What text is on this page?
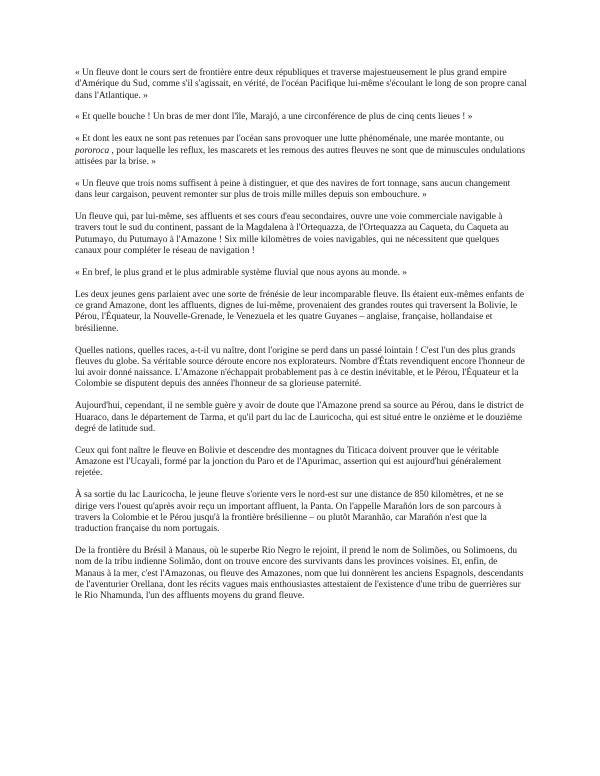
« Un fleuve dont le cours sert de frontière entre deux républiques et traverse majestueusement le plus grand empire d'Amérique du Sud, comme s'il s'agissait, en vérité, de l'océan Pacifique lui-même s'écoulant le long de son propre canal dans l'Atlantique. »

« Et quelle bouche ! Un bras de mer dont l'île, Marajó, a une circonférence de plus de cinq cents lieues ! »

« Et dont les eaux ne sont pas retenues par l'océan sans provoquer une lutte phénoménale, une marée montante, ou pororoca , pour laquelle les reflux, les mascarets et les remous des autres fleuves ne sont que de minuscules ondulations attisées par la brise. »

« Un fleuve que trois noms suffisent à peine à distinguer, et que des navires de fort tonnage, sans aucun changement dans leur cargaison, peuvent remonter sur plus de trois mille milles depuis son embouchure. »

Un fleuve qui, par lui-même, ses affluents et ses cours d'eau secondaires, ouvre une voie commerciale navigable à travers tout le sud du continent, passant de la Magdalena à l'Ortequazza, de l'Ortequazza au Caqueta, du Caqueta au Putumayo, du Putumayo à l'Amazone ! Six mille kilomètres de voies navigables, qui ne nécessitent que quelques canaux pour compléter le réseau de navigation !

« En bref, le plus grand et le plus admirable système fluvial que nous ayons au monde. »

Les deux jeunes gens parlaient avec une sorte de frénésie de leur incomparable fleuve. Ils étaient eux-mêmes enfants de ce grand Amazone, dont les affluents, dignes de lui-même, provenaient des grandes routes qui traversent la Bolivie, le Pérou, l'Équateur, la Nouvelle-Grenade, le Venezuela et les quatre Guyanes – anglaise, française, hollandaise et brésilienne.

Quelles nations, quelles races, a-t-il vu naître, dont l'origine se perd dans un passé lointain ! C'est l'un des plus grands fleuves du globe. Sa véritable source déroute encore nos explorateurs. Nombre d'États revendiquent encore l'honneur de lui avoir donné naissance. L'Amazone n'échappait probablement pas à ce destin inévitable, et le Pérou, l'Équateur et la Colombie se disputent depuis des années l'honneur de sa glorieuse paternité.

Aujourd'hui, cependant, il ne semble guère y avoir de doute que l'Amazone prend sa source au Pérou, dans le district de Huaraco, dans le département de Tarma, et qu'il part du lac de Lauricocha, qui est situé entre le onzième et le douzième degré de latitude sud.

Ceux qui font naître le fleuve en Bolivie et descendre des montagnes du Titicaca doivent prouver que le véritable Amazone est l'Ucayali, formé par la jonction du Paro et de l'Apurimac, assertion qui est aujourd'hui généralement rejetée.

À sa sortie du lac Lauricocha, le jeune fleuve s'oriente vers le nord-est sur une distance de 850 kilomètres, et ne se dirige vers l'ouest qu'après avoir reçu un important affluent, la Panta. On l'appelle Marañón lors de son parcours à travers la Colombie et le Pérou jusqu'à la frontière brésilienne – ou plutôt Maranhão, car Marañón n'est que la traduction française du nom portugais.

De la frontière du Brésil à Manaus, où le superbe Rio Negro le rejoint, il prend le nom de Solimões, ou Solimoens, du nom de la tribu indienne Solimão, dont on trouve encore des survivants dans les provinces voisines. Et, enfin, de Manaus à la mer, c'est l'Amazonas, ou fleuve des Amazones, nom que lui donnèrent les anciens Espagnols, descendants de l'aventurier Orellana, dont les récits vagues mais enthousiastes attestaient de l'existence d'une tribu de guerrières sur le Rio Nhamunda, l'un des affluents moyens du grand fleuve.
